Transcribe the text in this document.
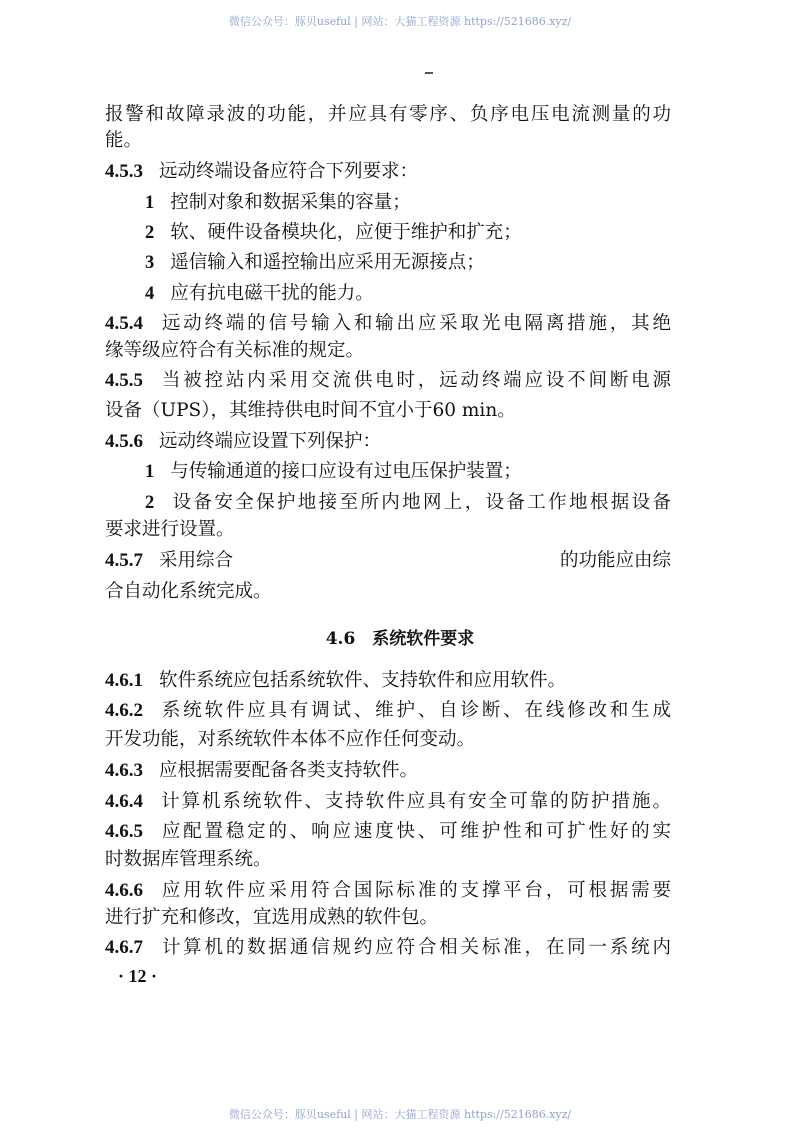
微信公众号：豚贝useful | 网站：大猫工程资源 https://521686.xyz/
报警和故障录波的功能，并应具有零序、负序电压电流测量的功
能。
4.5.3 远动终端设备应符合下列要求：
1 控制对象和数据采集的容量；
2 软、硬件设备模块化，应便于维护和扩充；
3 遥信输入和遥控输出应采用无源接点；
4 应有抗电磁干扰的能力。
4.5.4 远动终端的信号输入和输出应采取光电隔离措施，其绝
缘等级应符合有关标准的规定。
4.5.5 当被控站内采用交流供电时，远动终端应设不间断电源
设备（UPS），其维持供电时间不宜小于60 min。
4.5.6 远动终端应设置下列保护：
1 与传输通道的接口应设有过电压保护装置；
2 设备安全保护地接至所内地网上，设备工作地根据设备
要求进行设置。
4.5.7 采用综合	的功能应由综
合自动化系统完成。
4.6　系统软件要求
4.6.1 软件系统应包括系统软件、支持软件和应用软件。
4.6.2 系统软件应具有调试、维护、自诊断、在线修改和生成
开发功能，对系统软件本体不应作任何变动。
4.6.3 应根据需要配备各类支持软件。
4.6.4 计算机系统软件、支持软件应具有安全可靠的防护措施。
4.6.5 应配置稳定的、响应速度快、可维护性和可扩性好的实
时数据库管理系统。
4.6.6 应用软件应采用符合国际标准的支撑平台，可根据需要
进行扩充和修改，宜选用成熟的软件包。
4.6.7 计算机的数据通信规约应符合相关标准，在同一系统内
· 12 ·
微信公众号：豚贝useful | 网站：大猫工程资源 https://521686.xyz/
